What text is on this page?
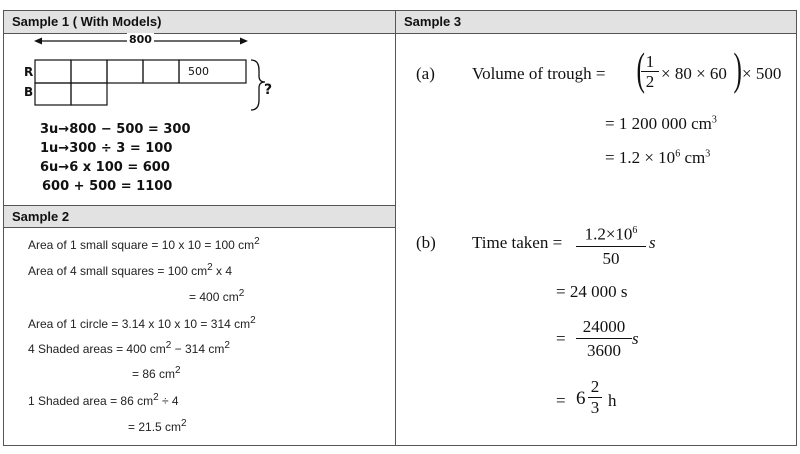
Sample 1 ( With Models)
800
R
B
500
?
3u→800 − 500 = 300
1u→300 ÷ 3 = 100
6u→6 x 100 = 600
600 + 500 = 1100
Sample 2
Area of 1 small square = 10 x 10 = 100 $cm^2$
Area of 4 small squares = 100 $cm^2$ x 4
= 400 $cm^2$
Area of 1 circle = 3.14 x 10 x 10 = 314 $cm^2$
4 Shaded areas = 400 $cm^2 - 314$ $cm^2$
= 86 $cm^2$
1 Shaded area = 86 $cm^2 \div 4$
= 21.5 $cm^2$
Sample 3
(a) Volume of trough = (
$\frac{1}{2} \times 80 \times 60$ ) × 500
= 1 200 000 $cm^3$
= $1.2 \times 10^6$ $cm^3$
(b) Time taken = $\frac{1.2\times 10^6}{50}$ s
= 24 000 s
= $\frac{24000}{3600}$ s
= $6 \frac{2}{3}$ h
